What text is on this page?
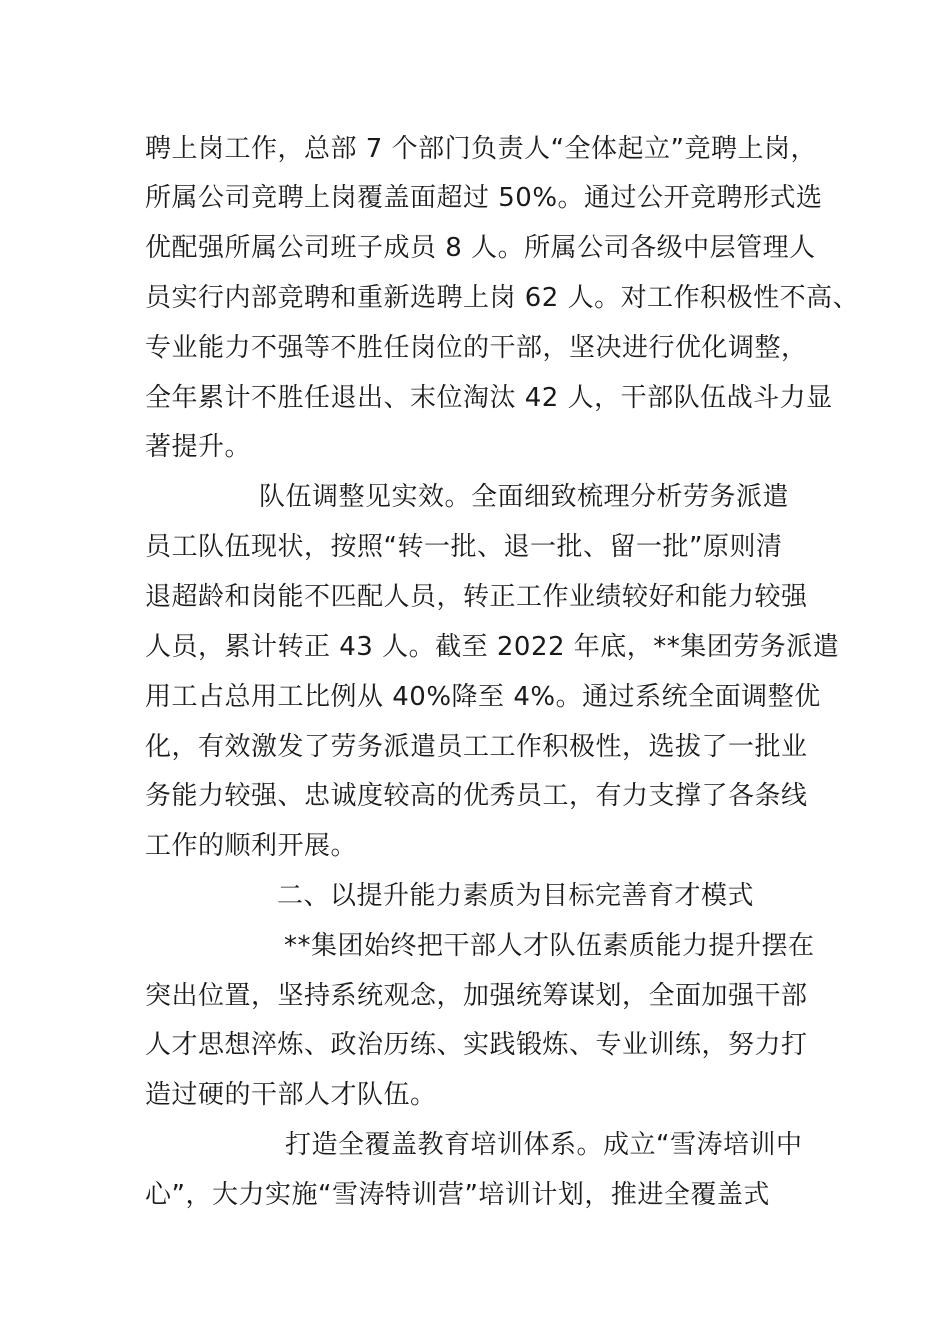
聘上岗工作，总部 7 个部门负责人“全体起立”竞聘上岗，
所属公司竞聘上岗覆盖面超过 50%。通过公开竞聘形式选
优配强所属公司班子成员 8 人。所属公司各级中层管理人
员实行内部竞聘和重新选聘上岗 62 人。对工作积极性不高、
专业能力不强等不胜任岗位的干部，坚决进行优化调整，
全年累计不胜任退出、末位淘汰 42 人，干部队伍战斗力显
著提升。
队伍调整见实效。全面细致梳理分析劳务派遣
员工队伍现状，按照“转一批、退一批、留一批”原则清
退超龄和岗能不匹配人员，转正工作业绩较好和能力较强
人员，累计转正 43 人。截至 2022 年底，**集团劳务派遣
用工占总用工比例从 40%降至 4%。通过系统全面调整优
化，有效激发了劳务派遣员工工作积极性，选拔了一批业
务能力较强、忠诚度较高的优秀员工，有力支撑了各条线
工作的顺利开展。
二、以提升能力素质为目标完善育才模式
**集团始终把干部人才队伍素质能力提升摆在
突出位置，坚持系统观念，加强统筹谋划，全面加强干部
人才思想淬炼、政治历练、实践锻炼、专业训练，努力打
造过硬的干部人才队伍。
打造全覆盖教育培训体系。成立“雪涛培训中
心”，大力实施“雪涛特训营”培训计划，推进全覆盖式
